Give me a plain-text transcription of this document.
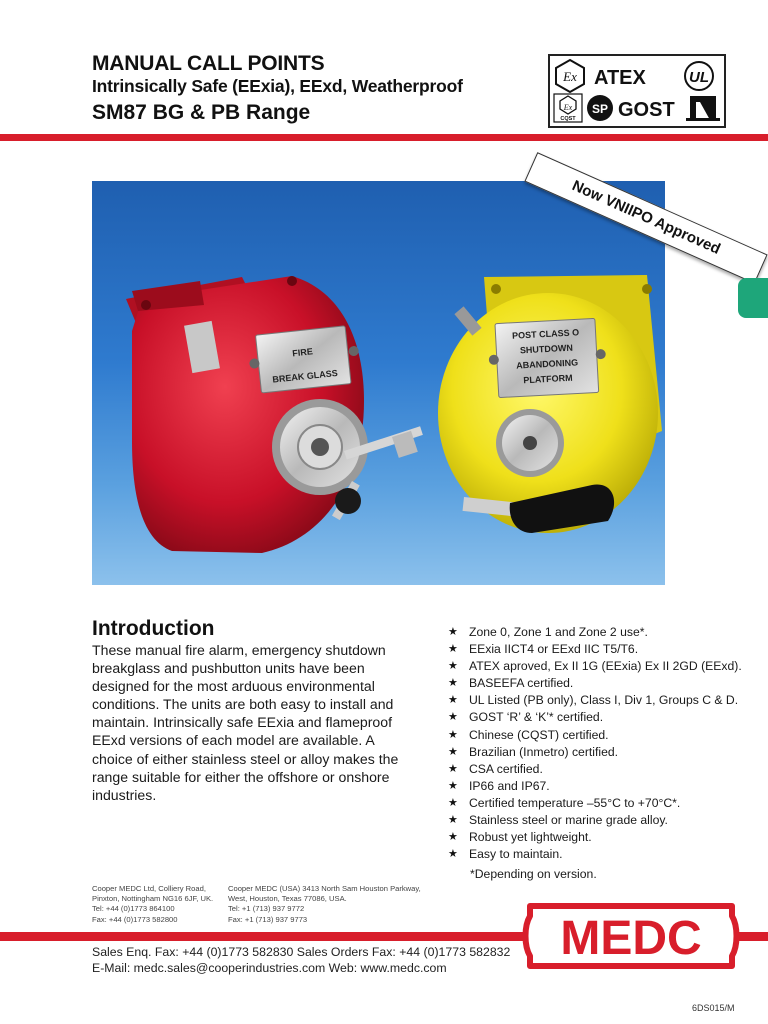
MANUAL CALL POINTS
Intrinsically Safe (EExia), EExd, Weatherproof
SM87 BG & PB Range
Ex ATEX	UL
Ex
CQST
SP GOST
FIRE
BREAK GLASS
POST CLASS O
SHUTDOWN
ABANDONING
PLATFORM
Now VNIIPO Approved
Introduction
These manual fire alarm, emergency shutdown breakglass and pushbutton units have been designed for the most arduous environmental conditions. The units are both easy to install and maintain. Intrinsically safe EExia and flameproof EExd versions of each model are available. A choice of either stainless steel or alloy makes the range suitable for either the offshore or onshore industries.
★ Zone 0, Zone 1 and Zone 2 use*.
★ EExia IICT4 or EExd IIC T5/T6.
★ ATEX aproved, Ex II 1G (EExia) Ex II 2GD (EExd).
★ BASEEFA certified.
★ UL Listed (PB only), Class I, Div 1, Groups C & D.
★ GOST ‘R’ & ‘K’* certified.
★ Chinese (CQST) certified.
★ Brazilian (Inmetro) certified.
★ CSA certified.
★ IP66 and IP67.
★ Certified temperature –55°C to +70°C*.
★ Stainless steel or marine grade alloy.
★ Robust yet lightweight.
★ Easy to maintain.
*Depending on version.
Cooper MEDC Ltd, Colliery Road,
Pinxton, Nottingham NG16 6JF, UK.
Tel: +44 (0)1773 864100
Fax: +44 (0)1773 582800
Cooper MEDC (USA) 3413 North Sam Houston Parkway,
West, Houston, Texas 77086, USA.
Tel: +1 (713) 937 9772
Fax: +1 (713) 937 9773	MEDC
Sales Enq. Fax: +44 (0)1773 582830 Sales Orders Fax: +44 (0)1773 582832
E-Mail: medc.sales@cooperindustries.com Web: www.medc.com
6DS015/M
